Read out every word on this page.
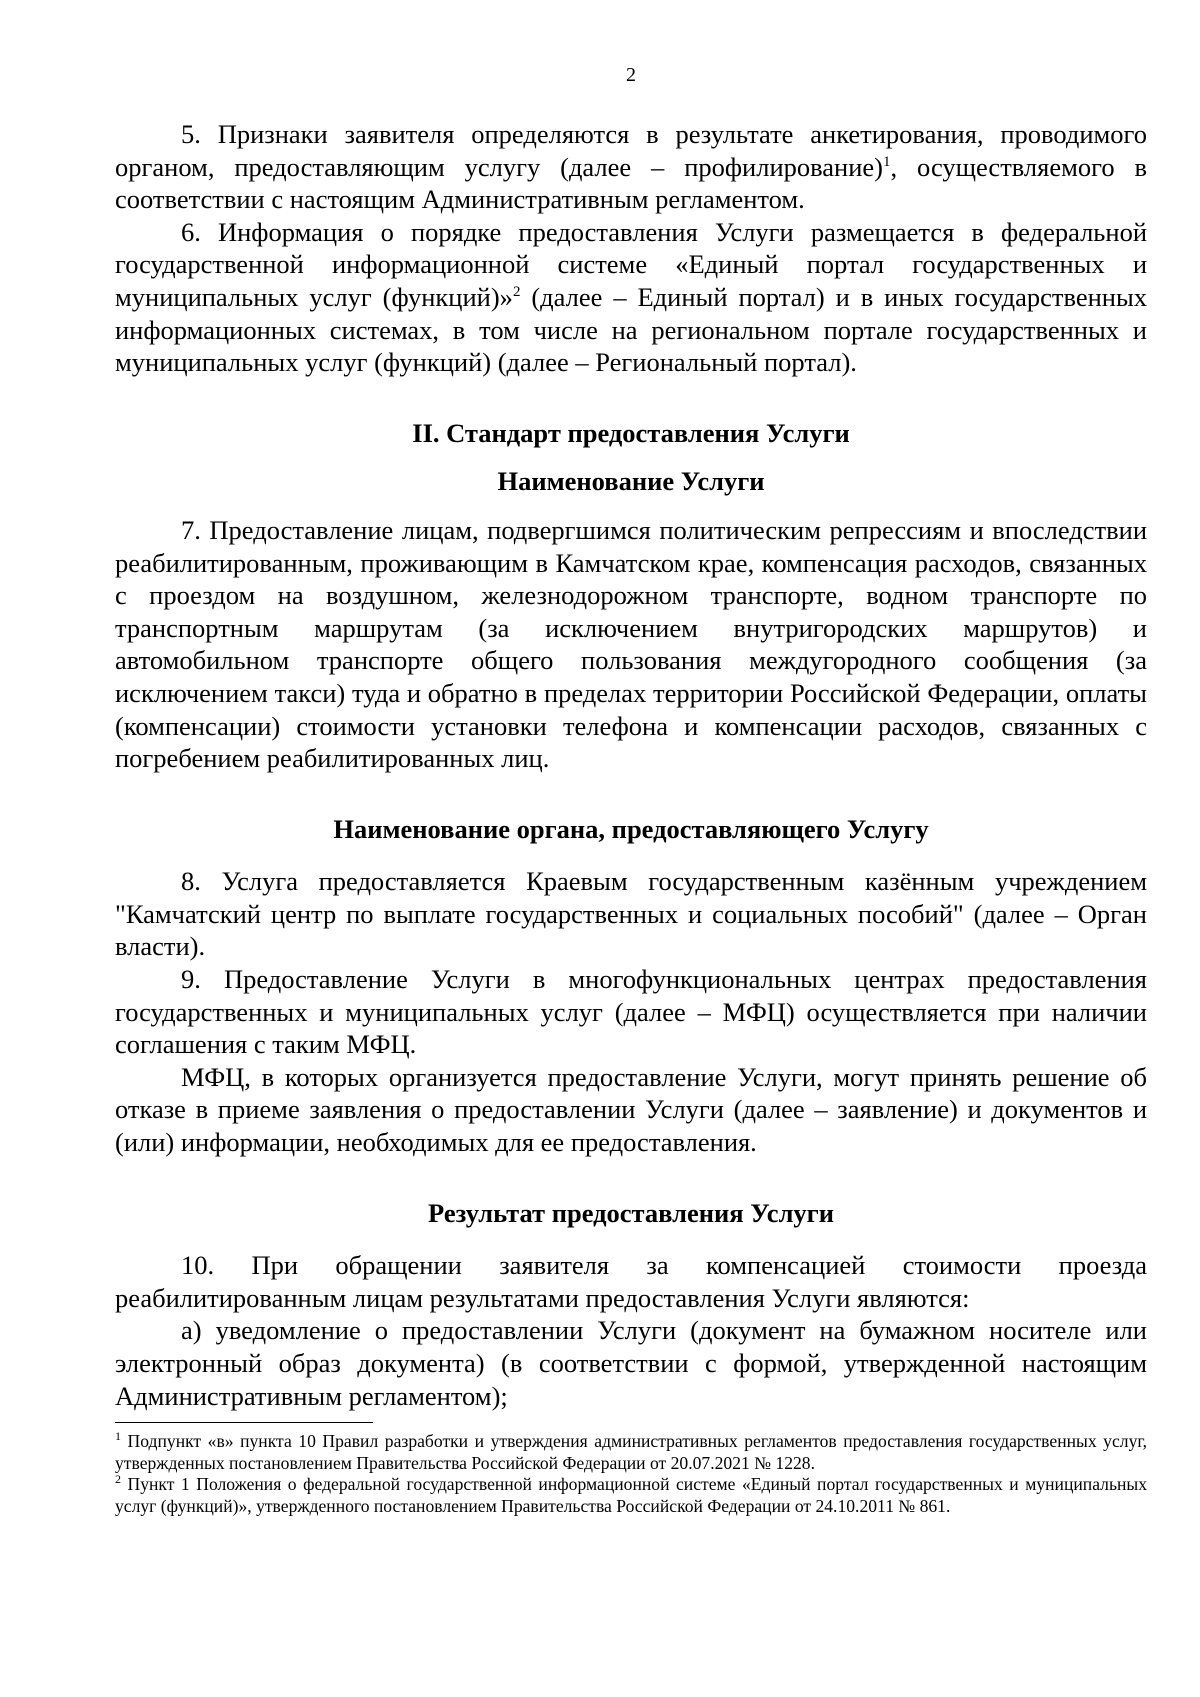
2

5. Признаки заявителя определяются в результате анкетирования, проводимого органом, предоставляющим услугу (далее – профилирование)$^1$, осуществляемого в соответствии с настоящим Административным регламентом.

6. Информация о порядке предоставления Услуги размещается в федеральной государственной информационной системе «Единый портал государственных и муниципальных услуг (функций)»$^2$ (далее – Единый портал) и в иных государственных информационных системах, в том числе на региональном портале государственных и муниципальных услуг (функций) (далее – Региональный портал).

II. Стандарт предоставления Услуги
Наименование Услуги

7. Предоставление лицам, подвергшимся политическим репрессиям и впоследствии реабилитированным, проживающим в Камчатском крае, компенсация расходов, связанных с проездом на воздушном, железнодорожном транспорте, водном транспорте по транспортным маршрутам (за исключением внутригородских маршрутов) и автомобильном транспорте общего пользования междугородного сообщения (за исключением такси) туда и обратно в пределах территории Российской Федерации, оплаты (компенсации) стоимости установки телефона и компенсации расходов, связанных с погребением реабилитированных лиц.

Наименование органа, предоставляющего Услугу

8. Услуга предоставляется Краевым государственным казённым учреждением "Камчатский центр по выплате государственных и социальных пособий" (далее – Орган власти).

9. Предоставление Услуги в многофункциональных центрах предоставления государственных и муниципальных услуг (далее – МФЦ) осуществляется при наличии соглашения с таким МФЦ.

МФЦ, в которых организуется предоставление Услуги, могут принять решение об отказе в приеме заявления о предоставлении Услуги (далее – заявление) и документов и (или) информации, необходимых для ее предоставления.

Результат предоставления Услуги

10. При обращении заявителя за компенсацией стоимости проезда реабилитированным лицам результатами предоставления Услуги являются:

а) уведомление о предоставлении Услуги (документ на бумажном носителе или электронный образ документа) (в соответствии с формой, утвержденной настоящим Административным регламентом);

$^1$ Подпункт «в» пункта 10 Правил разработки и утверждения административных регламентов предоставления государственных услуг, утвержденных постановлением Правительства Российской Федерации от 20.07.2021 № 1228.

$^2$ Пункт 1 Положения о федеральной государственной информационной системе «Единый портал государственных и муниципальных услуг (функций)», утвержденного постановлением Правительства Российской Федерации от 24.10.2011 № 861.
